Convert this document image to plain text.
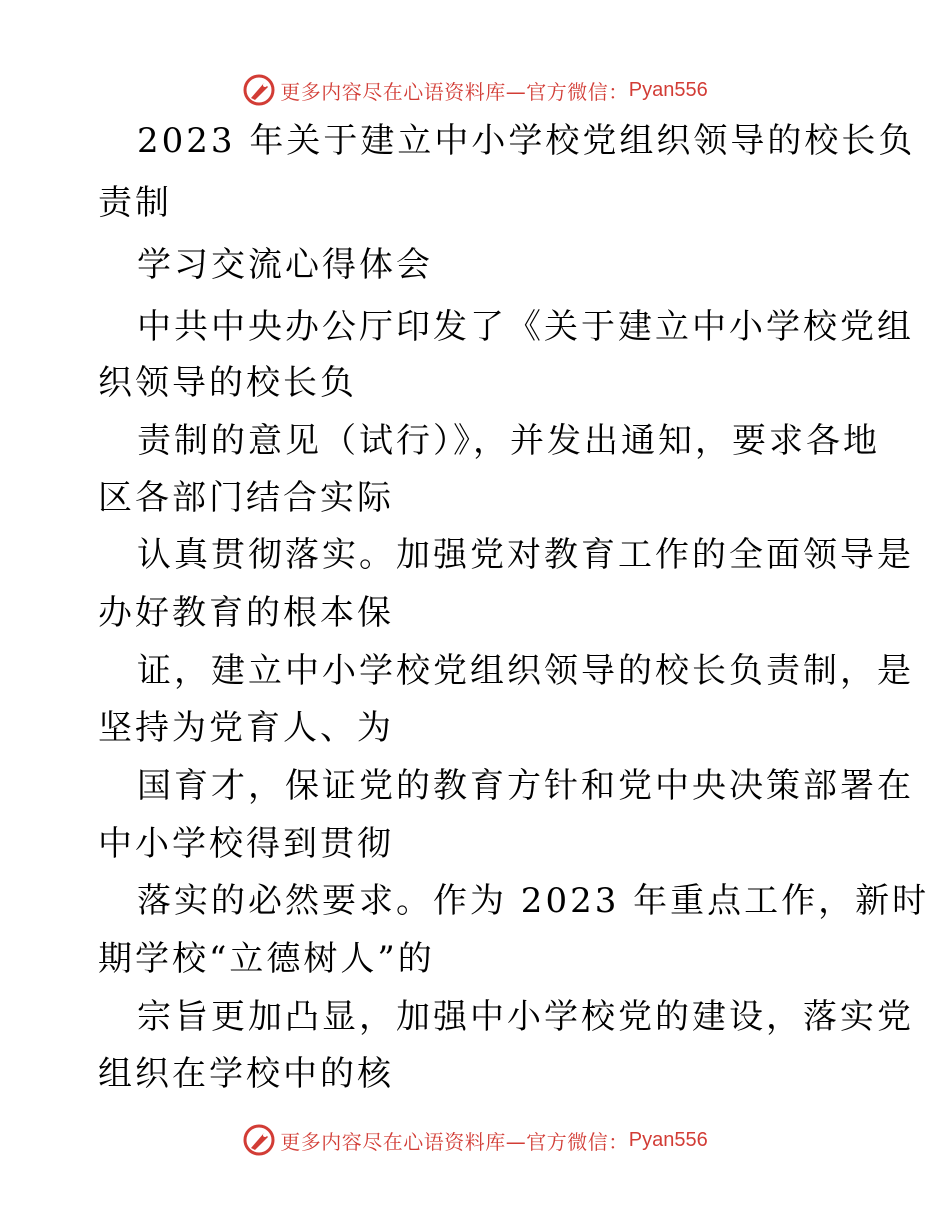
更多内容尽在心语资料库—官方微信： Pyan556
2023 年关于建立中小学校党组织领导的校长负
责制
学习交流心得体会
中共中央办公厅印发了《关于建立中小学校党组
织领导的校长负
责制的意见（试行）》，并发出通知，要求各地
区各部门结合实际
认真贯彻落实。加强党对教育工作的全面领导是
办好教育的根本保
证，建立中小学校党组织领导的校长负责制，是
坚持为党育人、为
国育才，保证党的教育方针和党中央决策部署在
中小学校得到贯彻
落实的必然要求。作为 2023 年重点工作，新时
期学校“立德树人”的
宗旨更加凸显，加强中小学校党的建设，落实党
组织在学校中的核
更多内容尽在心语资料库—官方微信： Pyan556
